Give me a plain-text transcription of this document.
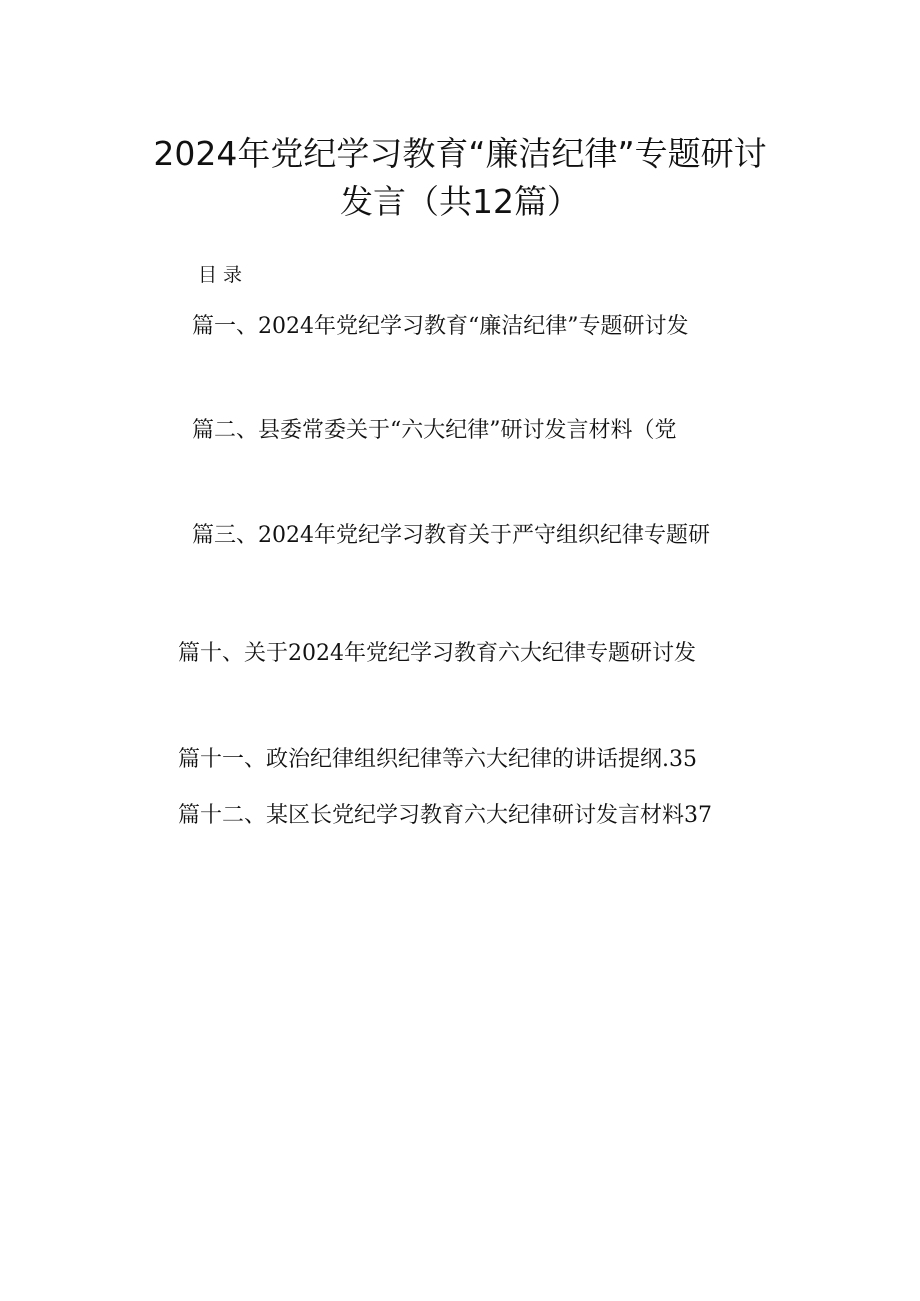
2024年党纪学习教育“廉洁纪律”专题研讨
发言（共12篇）
目录
篇一、2024年党纪学习教育“廉洁纪律”专题研讨发
篇二、县委常委关于“六大纪律”研讨发言材料（党
篇三、2024年党纪学习教育关于严守组织纪律专题研
篇十、关于2024年党纪学习教育六大纪律专题研讨发
篇十一、政治纪律组织纪律等六大纪律的讲话提纲.35
篇十二、某区长党纪学习教育六大纪律研讨发言材料37
